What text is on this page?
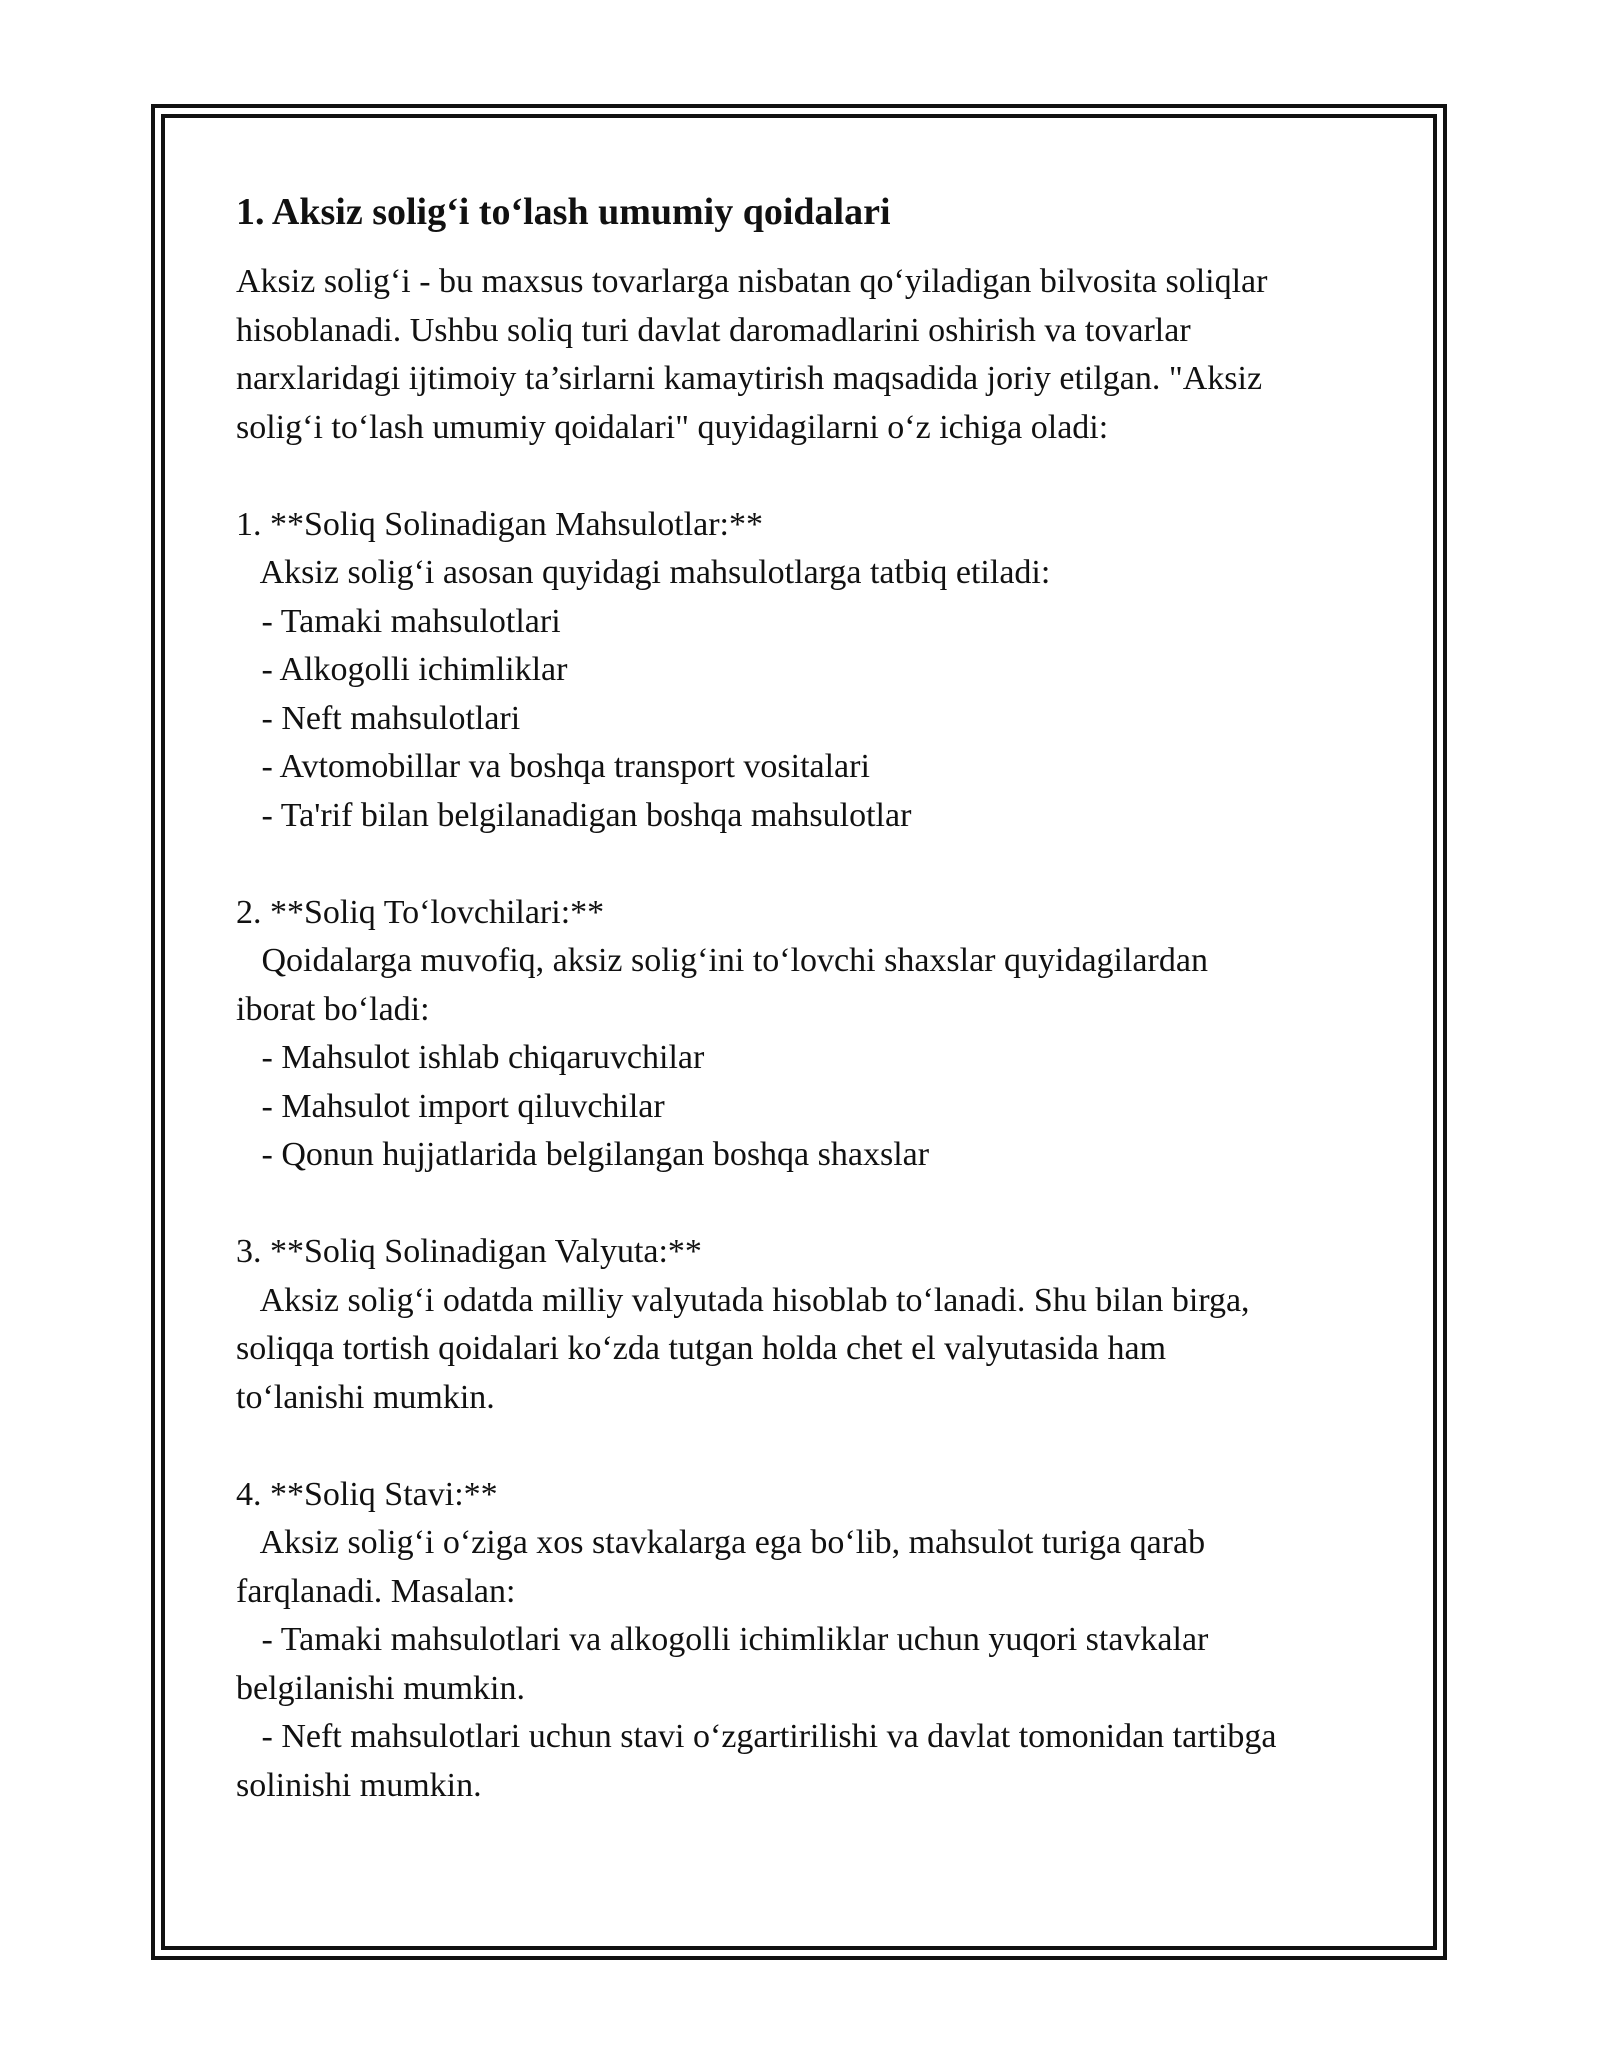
1. Aksiz solig‘i to‘lash umumiy qoidalari

Aksiz solig‘i - bu maxsus tovarlarga nisbatan qo‘yiladigan bilvosita soliqlar

hisoblanadi. Ushbu soliq turi davlat daromadlarini oshirish va tovarlar

narxlaridagi ijtimoiy ta’sirlarni kamaytirish maqsadida joriy etilgan. "Aksiz

solig‘i to‘lash umumiy qoidalari" quyidagilarni o‘z ichiga oladi:

1. **Soliq Solinadigan Mahsulotlar:**

Aksiz solig‘i asosan quyidagi mahsulotlarga tatbiq etiladi:

- Tamaki mahsulotlari

- Alkogolli ichimliklar

- Neft mahsulotlari

- Avtomobillar va boshqa transport vositalari

- Ta'rif bilan belgilanadigan boshqa mahsulotlar

2. **Soliq To‘lovchilari:**

Qoidalarga muvofiq, aksiz solig‘ini to‘lovchi shaxslar quyidagilardan

iborat bo‘ladi:

- Mahsulot ishlab chiqaruvchilar

- Mahsulot import qiluvchilar

- Qonun hujjatlarida belgilangan boshqa shaxslar

3. **Soliq Solinadigan Valyuta:**

Aksiz solig‘i odatda milliy valyutada hisoblab to‘lanadi. Shu bilan birga,

soliqqa tortish qoidalari ko‘zda tutgan holda chet el valyutasida ham

to‘lanishi mumkin.

4. **Soliq Stavi:**

Aksiz solig‘i o‘ziga xos stavkalarga ega bo‘lib, mahsulot turiga qarab

farqlanadi. Masalan:

- Tamaki mahsulotlari va alkogolli ichimliklar uchun yuqori stavkalar

belgilanishi mumkin.

- Neft mahsulotlari uchun stavi o‘zgartirilishi va davlat tomonidan tartibga

solinishi mumkin.
